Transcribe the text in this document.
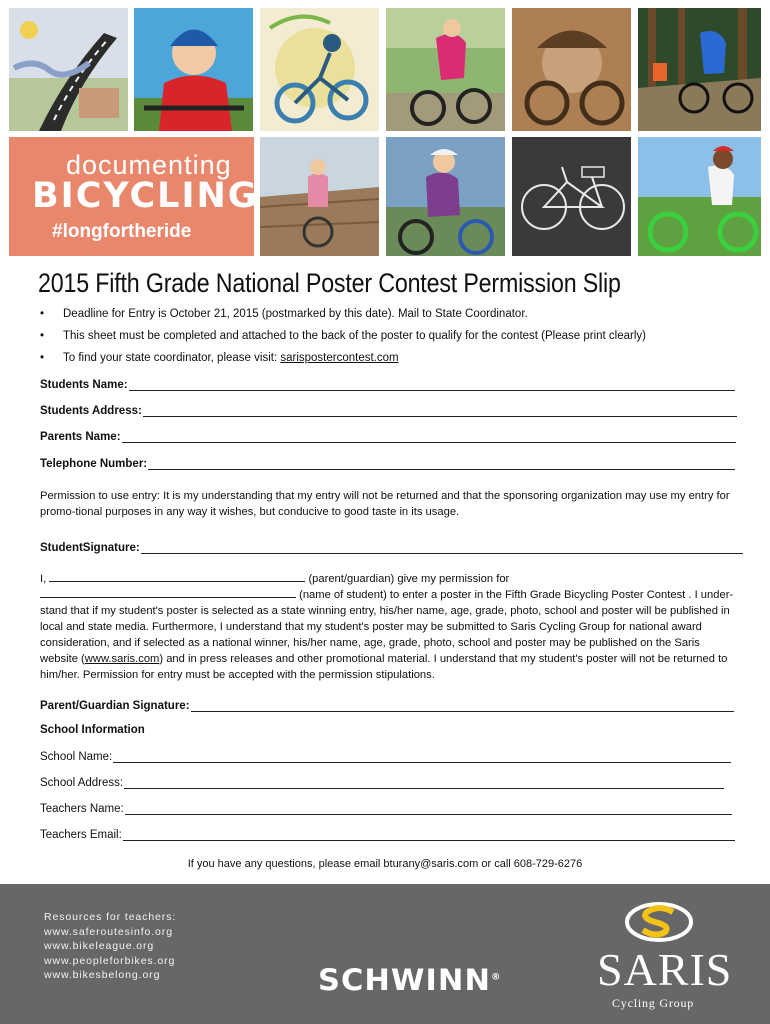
documenting
BICYCLING
#longfortheride
2015 Fifth Grade National Poster Contest Permission Slip
• Deadline for Entry is October 21, 2015 (postmarked by this date). Mail to State Coordinator.
• This sheet must be completed and attached to the back of the poster to qualify for the contest (Please print clearly)
• To find your state coordinator, please visit: sarispostercontest.com
Students Name:
Students Address:
Parents Name:
Telephone Number:
Permission to use entry: It is my understanding that my entry will not be returned and that the sponsoring organization may use my entry for promo-tional purposes in any way it wishes, but conducive to good taste in its usage.
StudentSignature:
I,	(parent/guardian) give my permission for
(name of student) to enter a poster in the Fifth Grade Bicycling Poster Contest . I under-
stand that if my student's poster is selected as a state winning entry, his/her name, age, grade, photo, school and poster will be published in local and state media. Furthermore, I understand that my student's poster may be submitted to Saris Cycling Group for national award consideration, and if selected as a national winner, his/her name, age, grade, photo, school and poster may be published on the Saris website (www.saris.com) and in press releases and other promotional material. I understand that my student's poster will not be returned to him/her. Permission for entry must be accepted with the permission stipulations.
Parent/Guardian Signature:
School Information
School Name:
School Address:
Teachers Name:
Teachers Email:
If you have any questions, please email bturany@saris.com or call 608-729-6276
Resources for teachers:
www.saferoutesinfo.org
www.bikeleague.org
www.peopleforbikes.org
www.bikesbelong.org	SCHWINN® SARIS
Cycling Group
